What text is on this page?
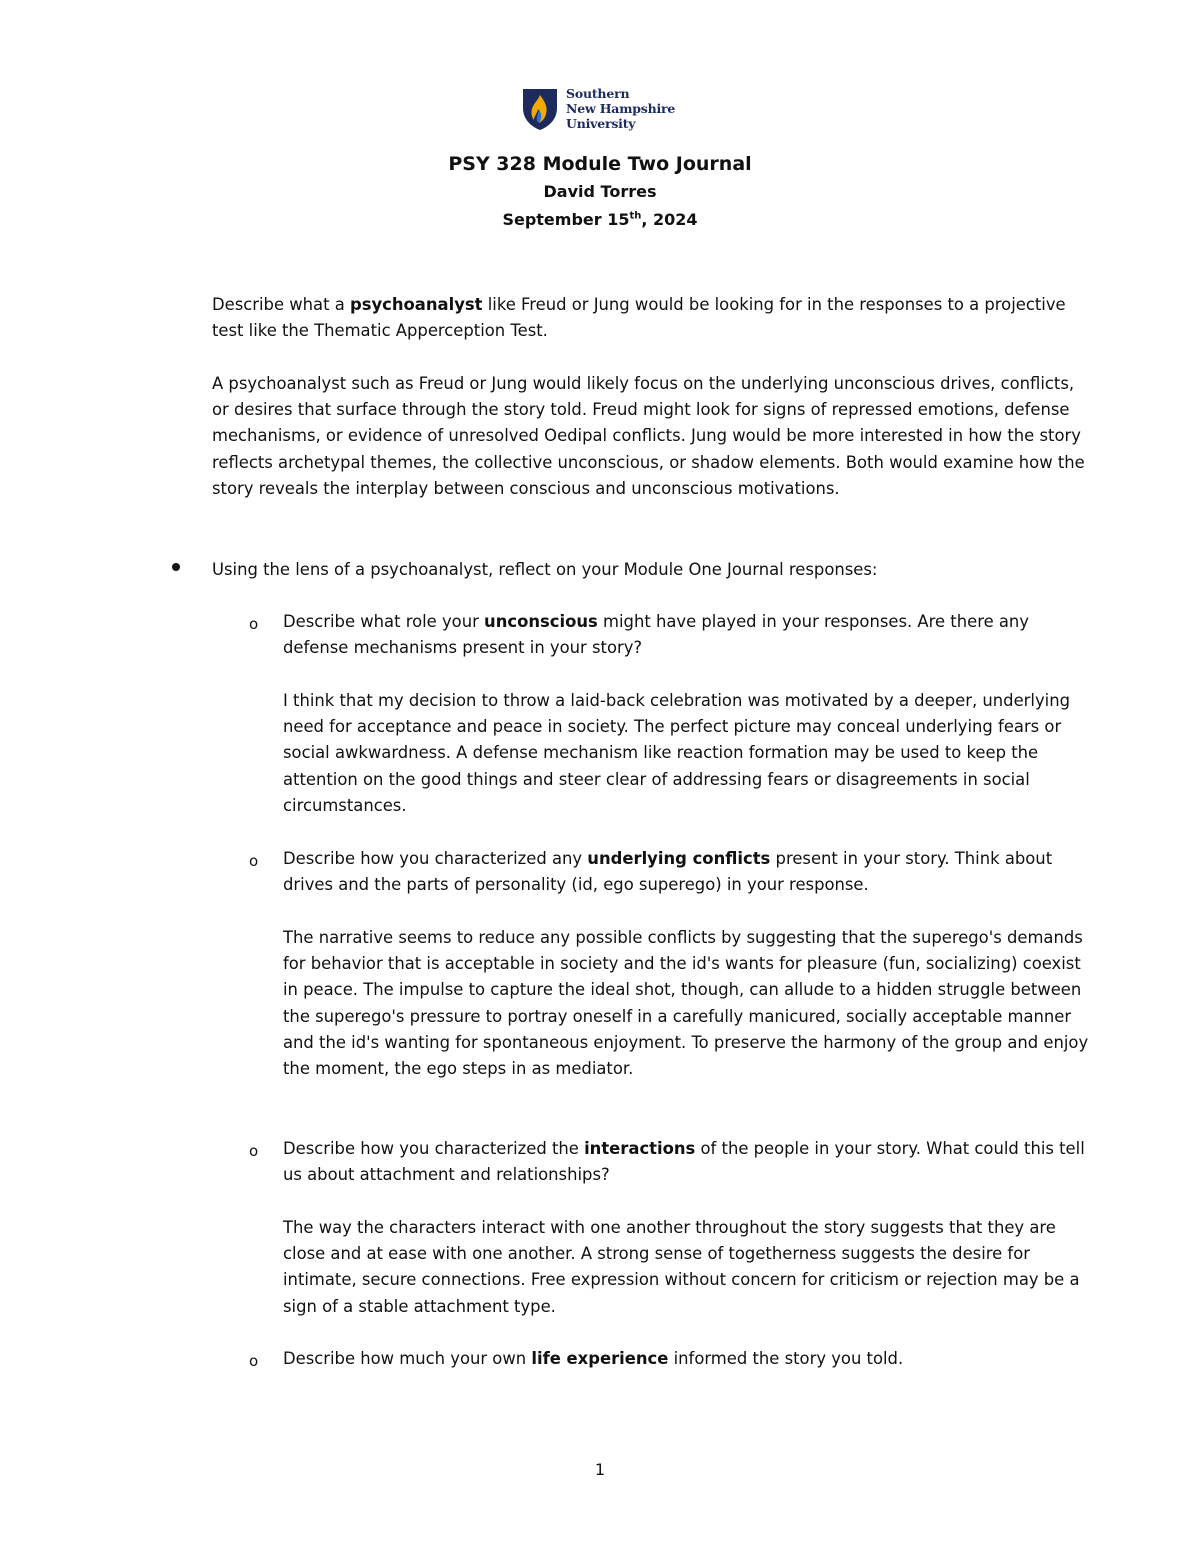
Southern
New Hampshire
University
PSY 328 Module Two Journal
David Torres
September 15th, 2024

Describe what a psychoanalyst like Freud or Jung would be looking for in the responses to a projective test like the Thematic Apperception Test.

A psychoanalyst such as Freud or Jung would likely focus on the underlying unconscious drives, conflicts, or desires that surface through the story told. Freud might look for signs of repressed emotions, defense mechanisms, or evidence of unresolved Oedipal conflicts. Jung would be more interested in how the story reflects archetypal themes, the collective unconscious, or shadow elements. Both would examine how the story reveals the interplay between conscious and unconscious motivations.

Using the lens of a psychoanalyst, reflect on your Module One Journal responses:

o Describe what role your unconscious might have played in your responses. Are there any defense mechanisms present in your story?

I think that my decision to throw a laid-back celebration was motivated by a deeper, underlying need for acceptance and peace in society. The perfect picture may conceal underlying fears or social awkwardness. A defense mechanism like reaction formation may be used to keep the attention on the good things and steer clear of addressing fears or disagreements in social circumstances.

o Describe how you characterized any underlying conflicts present in your story. Think about drives and the parts of personality (id, ego superego) in your response.

The narrative seems to reduce any possible conflicts by suggesting that the superego's demands for behavior that is acceptable in society and the id's wants for pleasure (fun, socializing) coexist in peace. The impulse to capture the ideal shot, though, can allude to a hidden struggle between the superego's pressure to portray oneself in a carefully manicured, socially acceptable manner and the id's wanting for spontaneous enjoyment. To preserve the harmony of the group and enjoy the moment, the ego steps in as mediator.

o Describe how you characterized the interactions of the people in your story. What could this tell us about attachment and relationships?

The way the characters interact with one another throughout the story suggests that they are close and at ease with one another. A strong sense of togetherness suggests the desire for intimate, secure connections. Free expression without concern for criticism or rejection may be a sign of a stable attachment type.

o Describe how much your own life experience informed the story you told.

1
